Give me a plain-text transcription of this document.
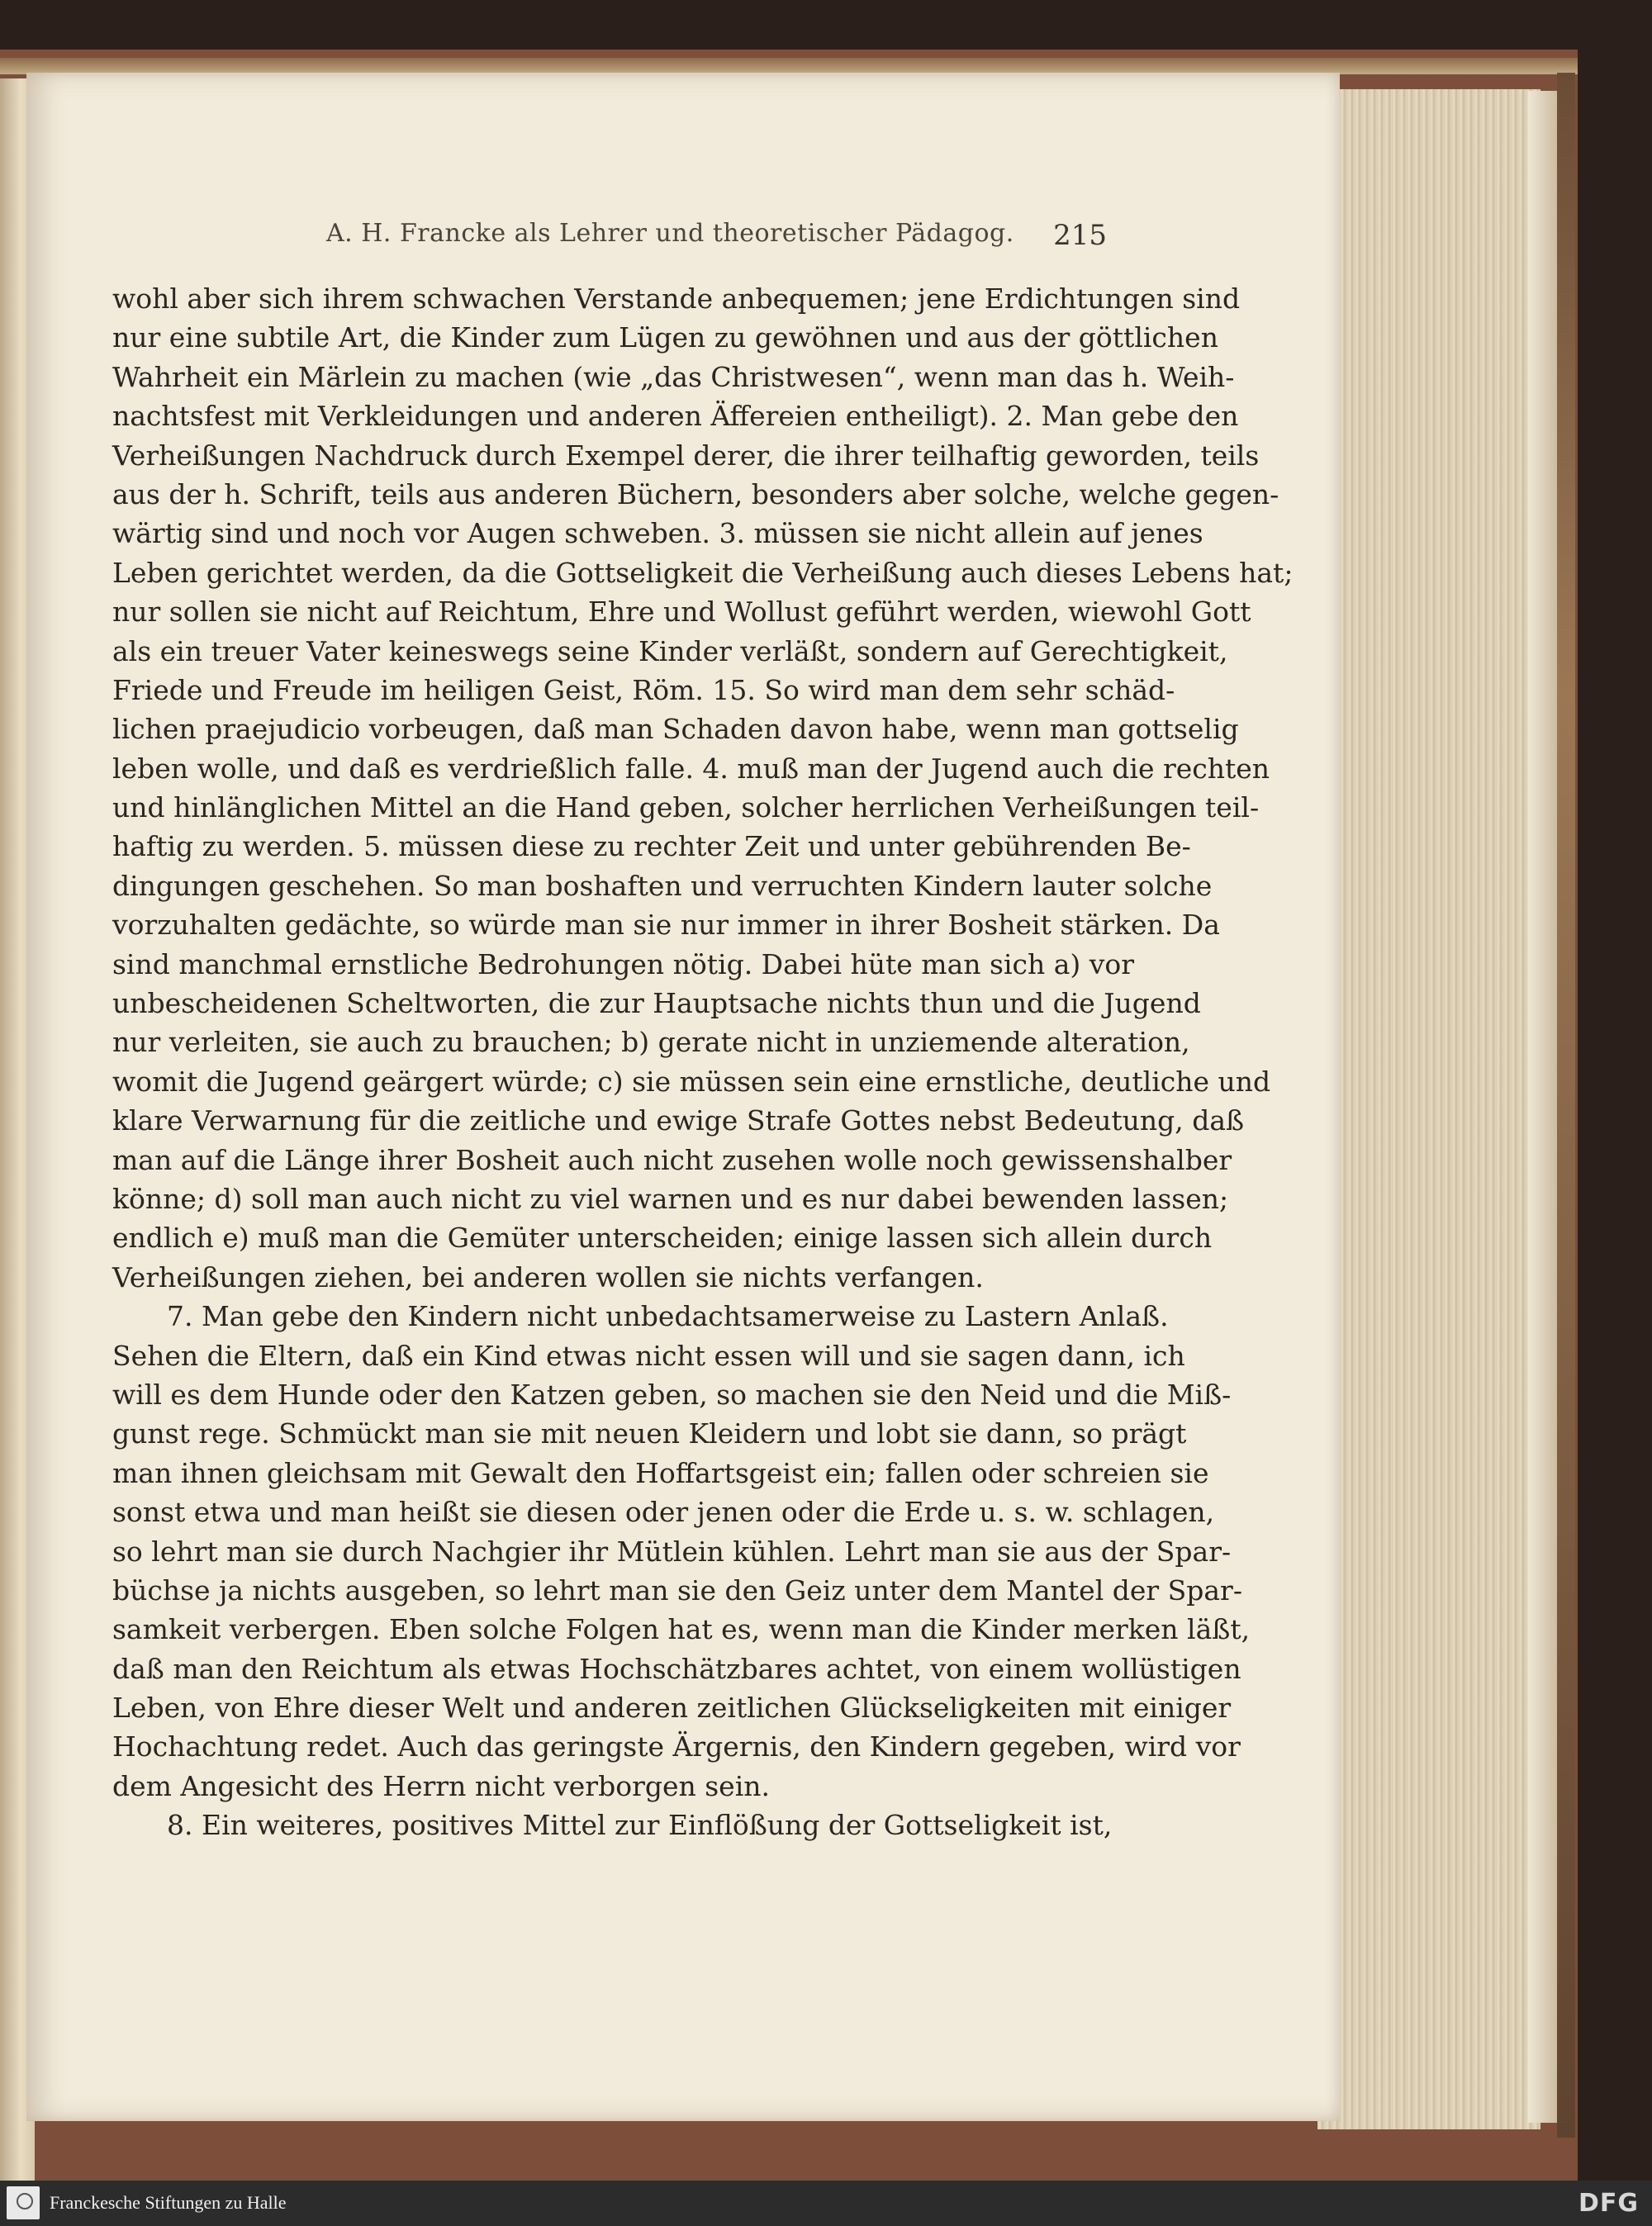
A. H. Francke als Lehrer und theoretischer Pädagog.	215
wohl aber sich ihrem schwachen Verstande anbequemen; jene Erdichtungen sind
nur eine subtile Art, die Kinder zum Lügen zu gewöhnen und aus der göttlichen
Wahrheit ein Märlein zu machen (wie „das Christwesen“, wenn man das h. Weih-
nachtsfest mit Verkleidungen und anderen Äffereien entheiligt). 2. Man gebe den
Verheißungen Nachdruck durch Exempel derer, die ihrer teilhaftig geworden, teils
aus der h. Schrift, teils aus anderen Büchern, besonders aber solche, welche gegen-
wärtig sind und noch vor Augen schweben. 3. müssen sie nicht allein auf jenes
Leben gerichtet werden, da die Gottseligkeit die Verheißung auch dieses Lebens hat;
nur sollen sie nicht auf Reichtum, Ehre und Wollust geführt werden, wiewohl Gott
als ein treuer Vater keineswegs seine Kinder verläßt, sondern auf Gerechtigkeit,
Friede und Freude im heiligen Geist, Röm. 15. So wird man dem sehr schäd-
lichen praejudicio vorbeugen, daß man Schaden davon habe, wenn man gottselig
leben wolle, und daß es verdrießlich falle. 4. muß man der Jugend auch die rechten
und hinlänglichen Mittel an die Hand geben, solcher herrlichen Verheißungen teil-
haftig zu werden. 5. müssen diese zu rechter Zeit und unter gebührenden Be-
dingungen geschehen. So man boshaften und verruchten Kindern lauter solche
vorzuhalten gedächte, so würde man sie nur immer in ihrer Bosheit stärken. Da
sind manchmal ernstliche Bedrohungen nötig. Dabei hüte man sich a) vor
unbescheidenen Scheltworten, die zur Hauptsache nichts thun und die Jugend
nur verleiten, sie auch zu brauchen; b) gerate nicht in unziemende alteration,
womit die Jugend geärgert würde; c) sie müssen sein eine ernstliche, deutliche und
klare Verwarnung für die zeitliche und ewige Strafe Gottes nebst Bedeutung, daß
man auf die Länge ihrer Bosheit auch nicht zusehen wolle noch gewissenshalber
könne; d) soll man auch nicht zu viel warnen und es nur dabei bewenden lassen;
endlich e) muß man die Gemüter unterscheiden; einige lassen sich allein durch
Verheißungen ziehen, bei anderen wollen sie nichts verfangen.
7. Man gebe den Kindern nicht unbedachtsamerweise zu Lastern Anlaß.
Sehen die Eltern, daß ein Kind etwas nicht essen will und sie sagen dann, ich
will es dem Hunde oder den Katzen geben, so machen sie den Neid und die Miß-
gunst rege. Schmückt man sie mit neuen Kleidern und lobt sie dann, so prägt
man ihnen gleichsam mit Gewalt den Hoffartsgeist ein; fallen oder schreien sie
sonst etwa und man heißt sie diesen oder jenen oder die Erde u. s. w. schlagen,
so lehrt man sie durch Nachgier ihr Mütlein kühlen. Lehrt man sie aus der Spar-
büchse ja nichts ausgeben, so lehrt man sie den Geiz unter dem Mantel der Spar-
samkeit verbergen. Eben solche Folgen hat es, wenn man die Kinder merken läßt,
daß man den Reichtum als etwas Hochschätzbares achtet, von einem wollüstigen
Leben, von Ehre dieser Welt und anderen zeitlichen Glückseligkeiten mit einiger
Hochachtung redet. Auch das geringste Ärgernis, den Kindern gegeben, wird vor
dem Angesicht des Herrn nicht verborgen sein.
8. Ein weiteres, positives Mittel zur Einflößung der Gottseligkeit ist,
Franckesche Stiftungen zu Halle	DFG
